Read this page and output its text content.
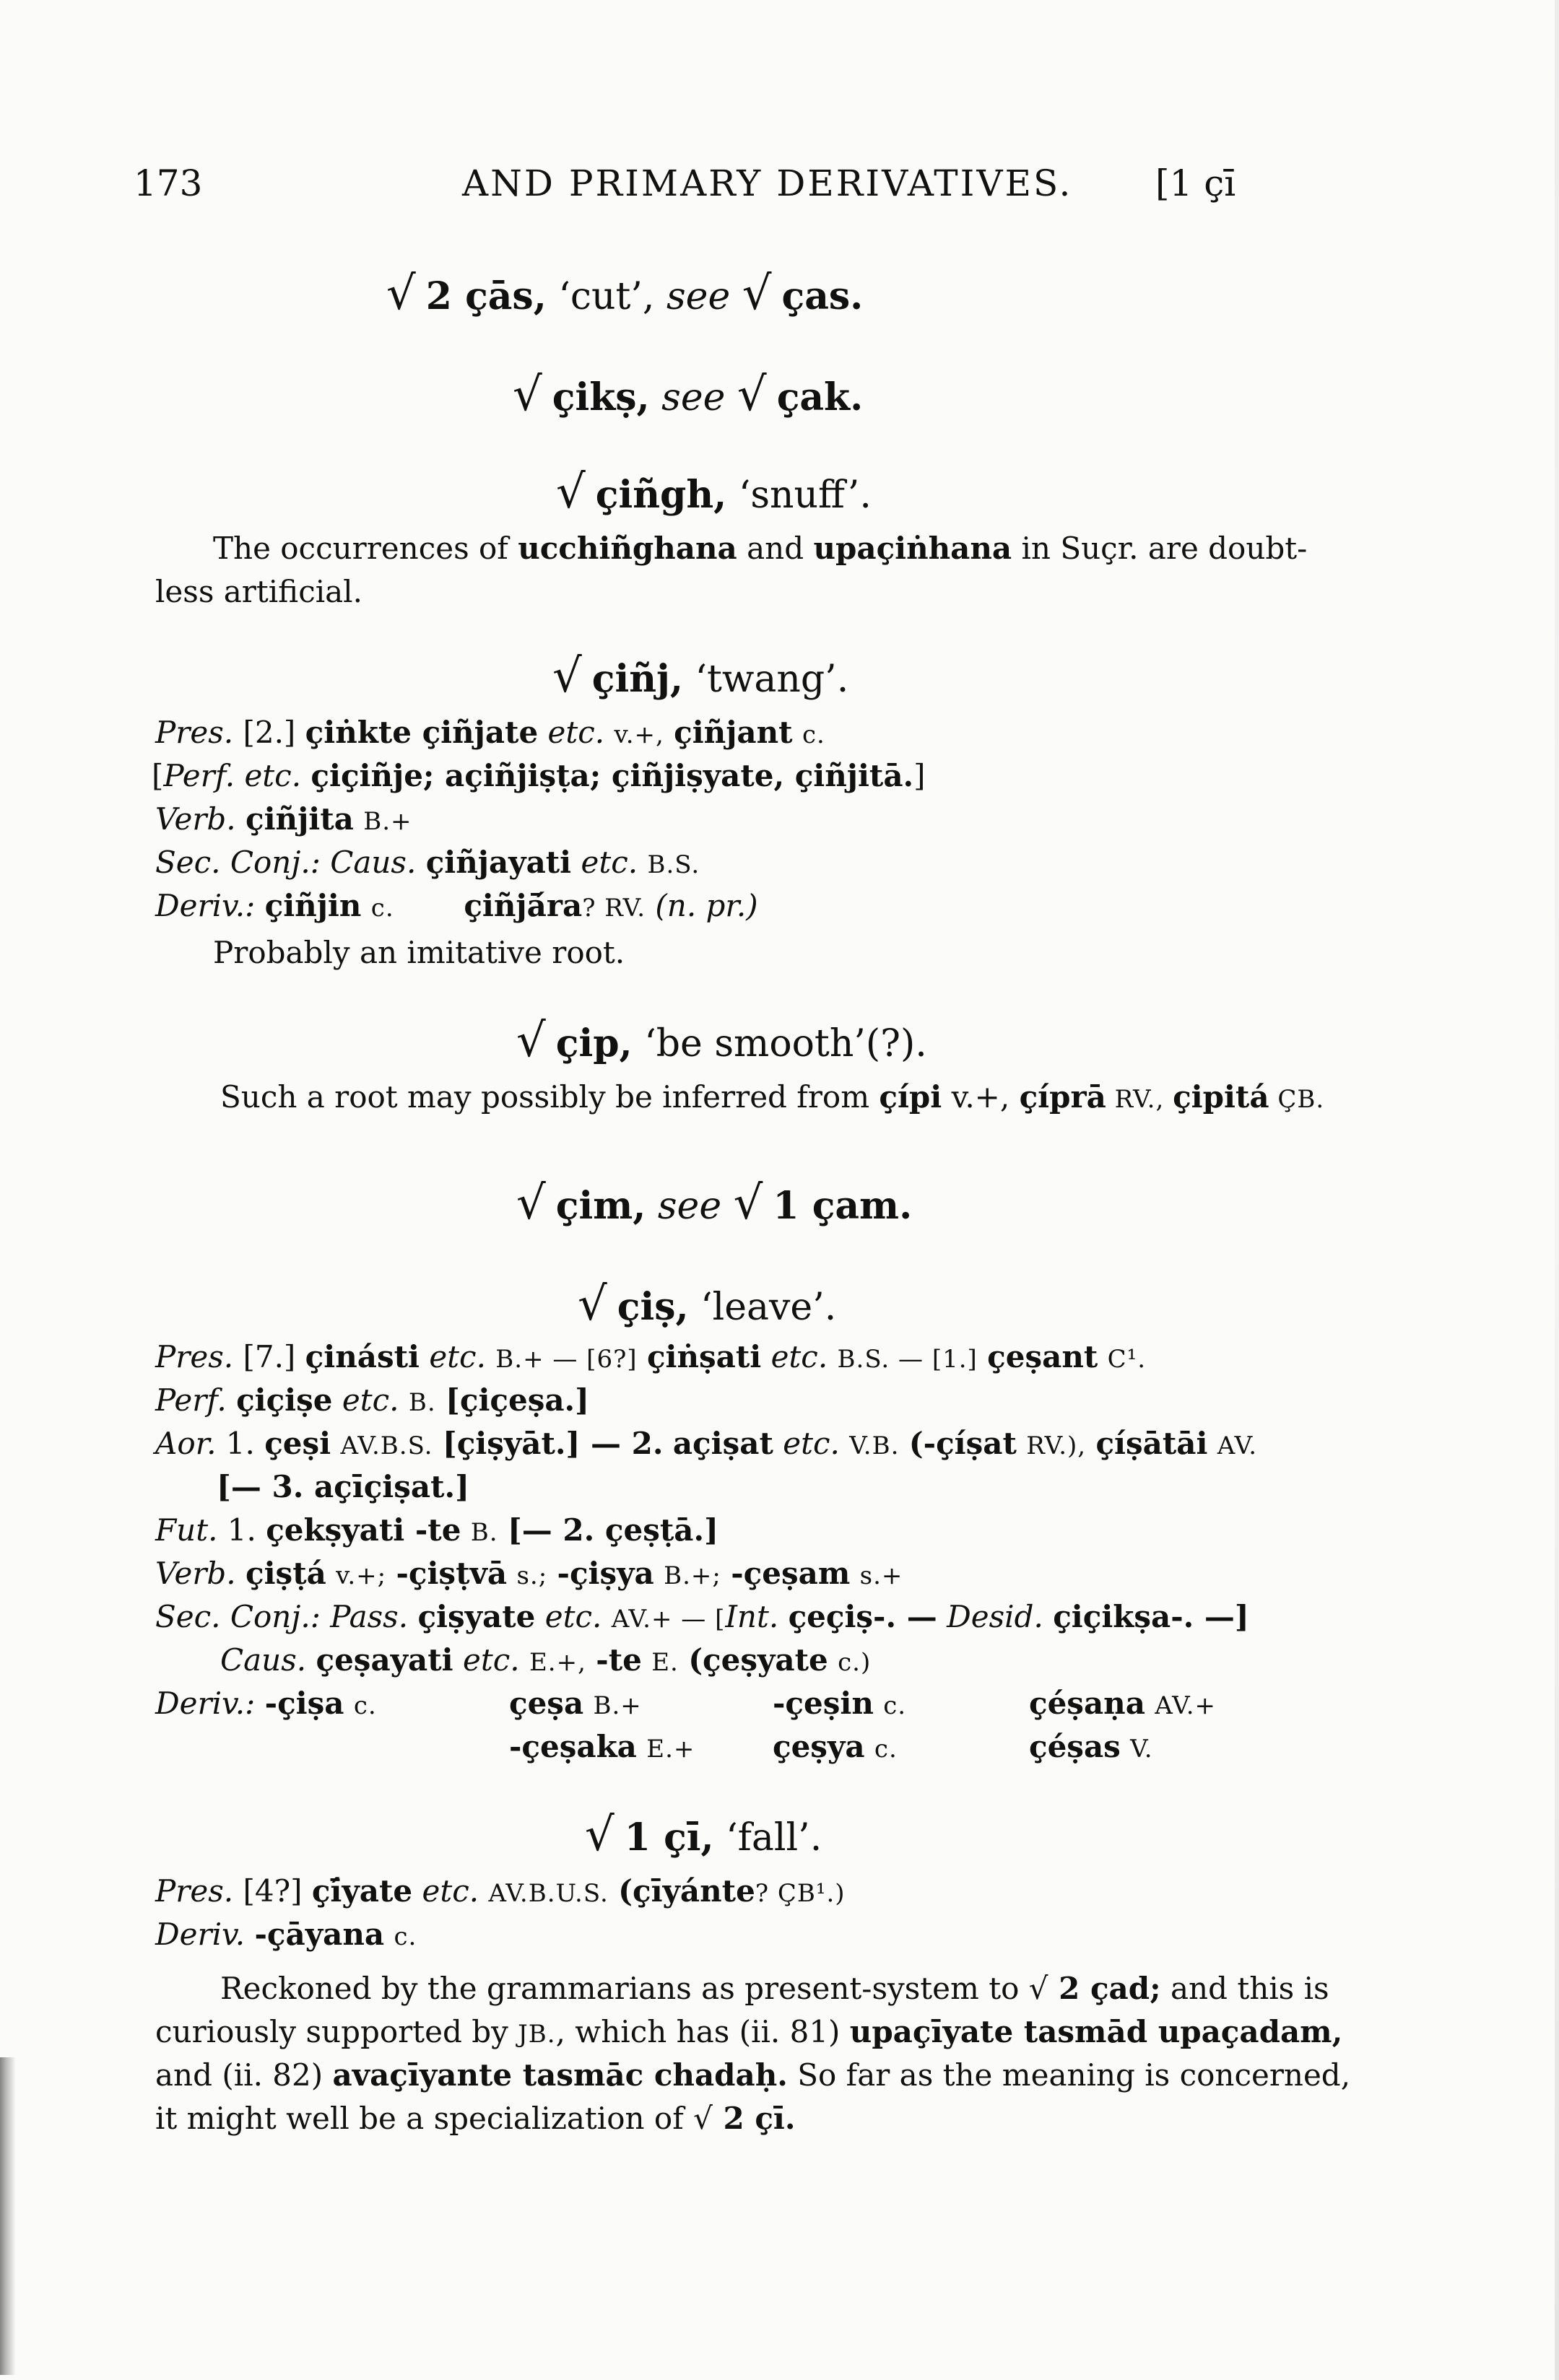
173	AND PRIMARY DERIVATIVES. [1 çī
√ 2 çās, ‘cut’, see √ ças.
√ çikṣ, see √ çak.
√ çiñgh, ‘snuff’.
The occurrences of ucchiñghana and upaçiṅhana in Suçr. are doubt-
less artificial.
√ çiñj, ‘twang’.
Pres. [2.] çiṅkte çiñjate etc. v.+, çiñjant c.
[Perf. etc. çiçiñje; açiñjiṣṭa; çiñjiṣyate, çiñjitā.]
Verb. çiñjita B.+
Sec. Conj.: Caus. çiñjayati etc. B.S.
Deriv.: çiñjin c. çiñjā́ra? RV. (n. pr.)
Probably an imitative root.
√ çip, ‘be smooth’(?).
Such a root may possibly be inferred from çípi v.+, çíprā RV., çipitá ÇB.
√ çim, see √ 1 çam.
√ çiṣ, ‘leave’.
Pres. [7.] çinásti etc. B.+ — [6?] çiṅṣati etc. B.S. — [1.] çeṣant C¹.
Perf. çiçiṣe etc. B. [çiçeṣa.]
Aor. 1. çeṣi AV.B.S. [çiṣyāt.] — 2. açiṣat etc. V.B. (-çíṣat RV.), çíṣātāi AV.
[— 3. açīçiṣat.]
Fut. 1. çekṣyati -te B. [— 2. çeṣṭā.]
Verb. çiṣṭá v.+; -çiṣṭvā s.; -çiṣya B.+; -çeṣam s.+
Sec. Conj.: Pass. çiṣyate etc. AV.+ — [Int. çeçiṣ-. — Desid. çiçikṣa-. —]
Caus. çeṣayati etc. E.+, -te E. (çeṣyate c.)
Deriv.: -çiṣa c.	çeṣa B.+
-çeṣaka E.+
-çeṣin c.
çeṣya c.
çéṣaṇa AV.+
çéṣas V.
√ 1 çī, ‘fall’.
Pres. [4?] çī́yate etc. AV.B.U.S. (çīyánte? ÇB¹.)
Deriv. -çāyana c.
Reckoned by the grammarians as present-system to √ 2 çad; and this is
curiously supported by JB., which has (ii. 81) upaçīyate tasmād upaçadam,
and (ii. 82) avaçīyante tasmāc chadaḥ. So far as the meaning is concerned,
it might well be a specialization of √ 2 çī.
